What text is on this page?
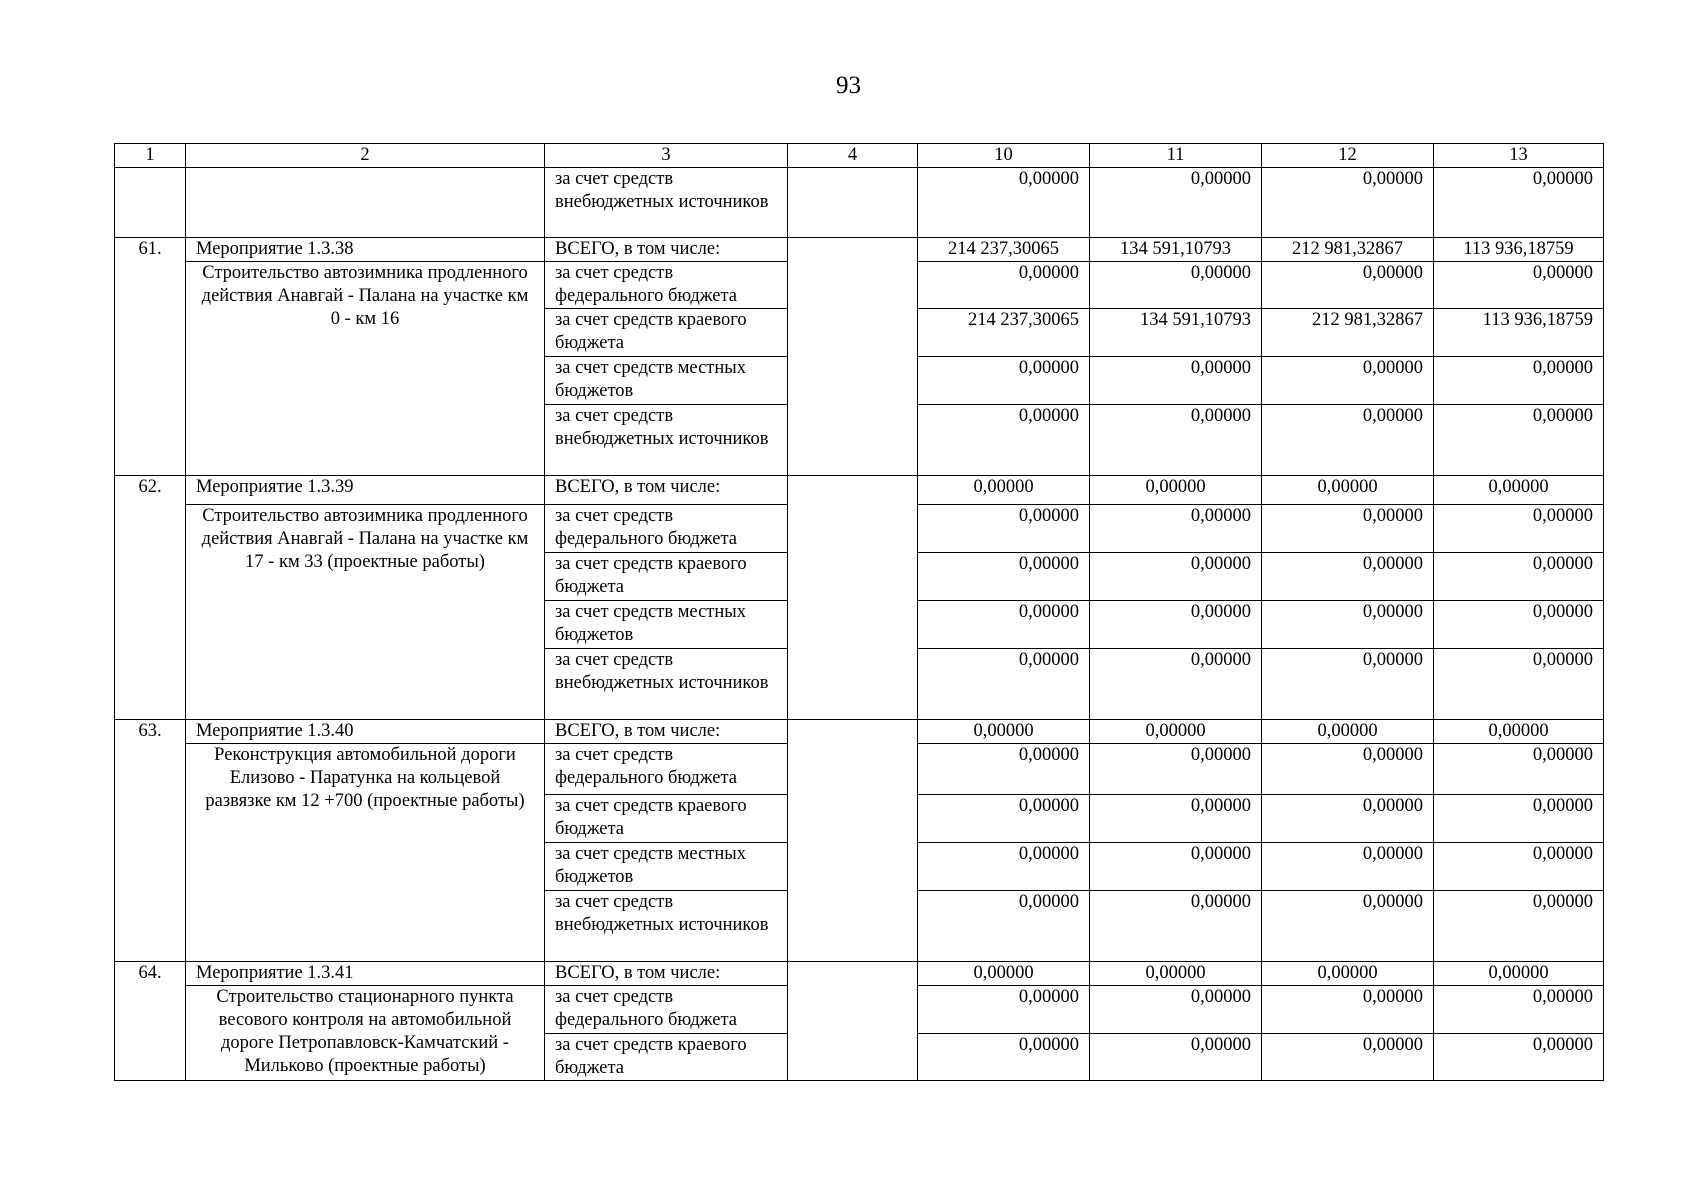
93
1	2	3	4	10	11	12	13
		за счет средств внебюджетных источников		0,00000	0,00000	0,00000	0,00000
61.	Мероприятие 1.3.38	ВСЕГО, в том числе:		214 237,30065	134 591,10793	212 981,32867	113 936,18759
	Строительство автозимника продленного действия Анавгай - Палана на участке км 0 - км 16	за счет средств федерального бюджета		0,00000	0,00000	0,00000	0,00000
		за счет средств краевого бюджета		214 237,30065	134 591,10793	212 981,32867	113 936,18759
		за счет средств местных бюджетов		0,00000	0,00000	0,00000	0,00000
		за счет средств внебюджетных источников		0,00000	0,00000	0,00000	0,00000
62.	Мероприятие 1.3.39	ВСЕГО, в том числе:		0,00000	0,00000	0,00000	0,00000
	Строительство автозимника продленного действия Анавгай - Палана на участке км 17 - км 33 (проектные работы)	за счет средств федерального бюджета		0,00000	0,00000	0,00000	0,00000
		за счет средств краевого бюджета		0,00000	0,00000	0,00000	0,00000
		за счет средств местных бюджетов		0,00000	0,00000	0,00000	0,00000
		за счет средств внебюджетных источников		0,00000	0,00000	0,00000	0,00000
63.	Мероприятие 1.3.40	ВСЕГО, в том числе:		0,00000	0,00000	0,00000	0,00000
	Реконструкция автомобильной дороги Елизово - Паратунка на кольцевой развязке км 12 +700 (проектные работы)	за счет средств федерального бюджета		0,00000	0,00000	0,00000	0,00000
		за счет средств краевого бюджета		0,00000	0,00000	0,00000	0,00000
		за счет средств местных бюджетов		0,00000	0,00000	0,00000	0,00000
		за счет средств внебюджетных источников		0,00000	0,00000	0,00000	0,00000
64.	Мероприятие 1.3.41	ВСЕГО, в том числе:		0,00000	0,00000	0,00000	0,00000
	Строительство стационарного пункта весового контроля на автомобильной дороге Петропавловск-Камчатский - Мильково (проектные работы)	за счет средств федерального бюджета		0,00000	0,00000	0,00000	0,00000
		за счет средств краевого бюджета		0,00000	0,00000	0,00000	0,00000
